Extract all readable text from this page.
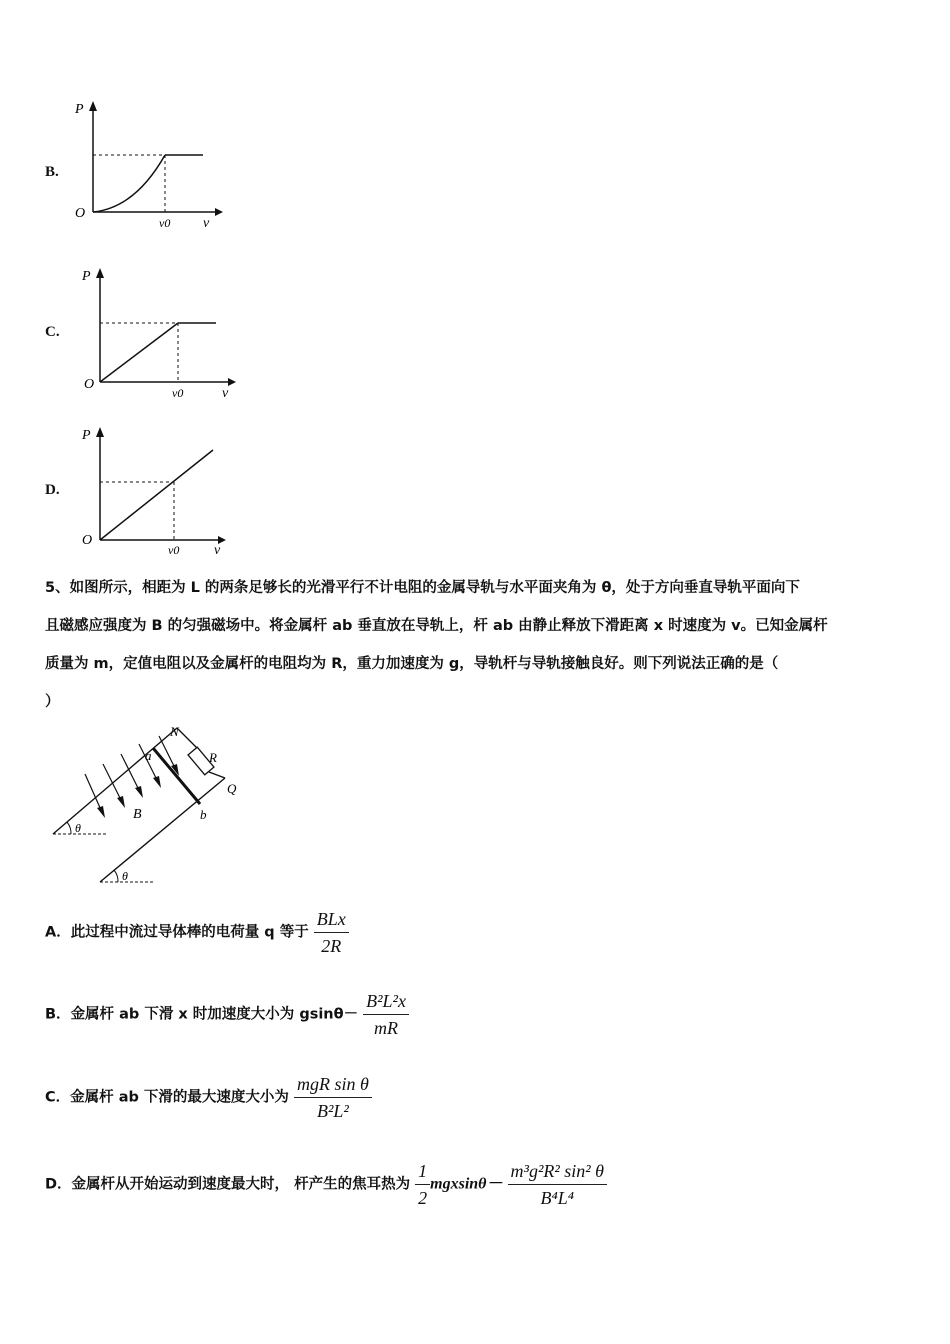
B.
P
O
v0 v
C.
P
O
v0	v
D.
P
O
v0 v
5、如图所示，相距为 L 的两条足够长的光滑平行不计电阻的金属导轨与水平面夹角为 θ，处于方向垂直导轨平面向下
且磁感应强度为 B 的匀强磁场中。将金属杆 ab 垂直放在导轨上，杆 ab 由静止释放下滑距离 x 时速度为 v。已知金属杆
质量为 m，定值电阻以及金属杆的电阻均为 R，重力加速度为 g，导轨杆与导轨接触良好。则下列说法正确的是（
）
N
R
Q
a
b
B
θ
θ
A．此过程中流过导体棒的电荷量 q 等于 $\frac{\text{BLx}}{2R}$
B．金属杆 ab 下滑 x 时加速度大小为 $gsin\theta- \frac{\text{B²L²x}}{mR}$
C．金属杆 ab 下滑的最大速度大小为 $\frac{\text{mgR sin θ}}{\text{B²L²}}$
D．金属杆从开始运动到速度最大时， 杆产生的焦耳热为 $\frac{1}{2} mgxsin\theta- \frac{\text{m³g²R² sin² θ}}{\text{B⁴L⁴}}$
